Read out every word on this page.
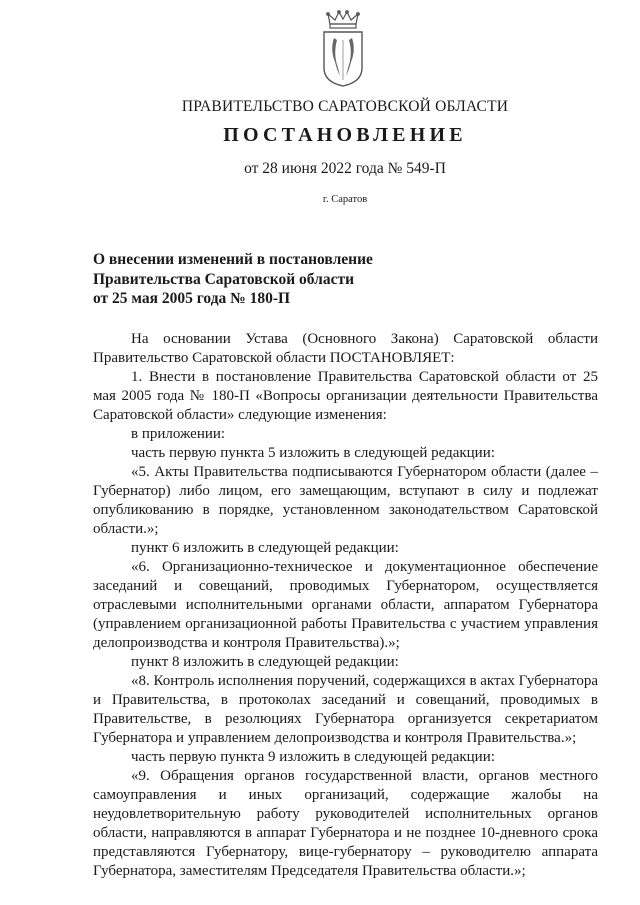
ПРАВИТЕЛЬСТВО САРАТОВСКОЙ ОБЛАСТИ
ПОСТАНОВЛЕНИЕ
от 28 июня 2022 года № 549-П
г. Саратов
О внесении изменений в постановление
Правительства Саратовской области
от 25 мая 2005 года № 180-П

На основании Устава (Основного Закона) Саратовской области Правительство Саратовской области ПОСТАНОВЛЯЕТ:

1. Внести в постановление Правительства Саратовской области от 25 мая 2005 года № 180-П «Вопросы организации деятельности Правительства Саратовской области» следующие изменения:

в приложении:

часть первую пункта 5 изложить в следующей редакции:

«5. Акты Правительства подписываются Губернатором области (далее – Губернатор) либо лицом, его замещающим, вступают в силу и подлежат опубликованию в порядке, установленном законодательством Саратовской области.»;

пункт 6 изложить в следующей редакции:

«6. Организационно-техническое и документационное обеспечение заседаний и совещаний, проводимых Губернатором, осуществляется отраслевыми исполнительными органами области, аппаратом Губернатора (управлением организационной работы Правительства с участием управления делопроизводства и контроля Правительства).»;

пункт 8 изложить в следующей редакции:

«8. Контроль исполнения поручений, содержащихся в актах Губернатора и Правительства, в протоколах заседаний и совещаний, проводимых в Правительстве, в резолюциях Губернатора организуется секретариатом Губернатора и управлением делопроизводства и контроля Правительства.»;

часть первую пункта 9 изложить в следующей редакции:

«9. Обращения органов государственной власти, органов местного самоуправления и иных организаций, содержащие жалобы на неудовлетворительную работу руководителей исполнительных органов области, направляются в аппарат Губернатора и не позднее 10-дневного срока представляются Губернатору, вице-губернатору – руководителю аппарата Губернатора, заместителям Председателя Правительства области.»;
